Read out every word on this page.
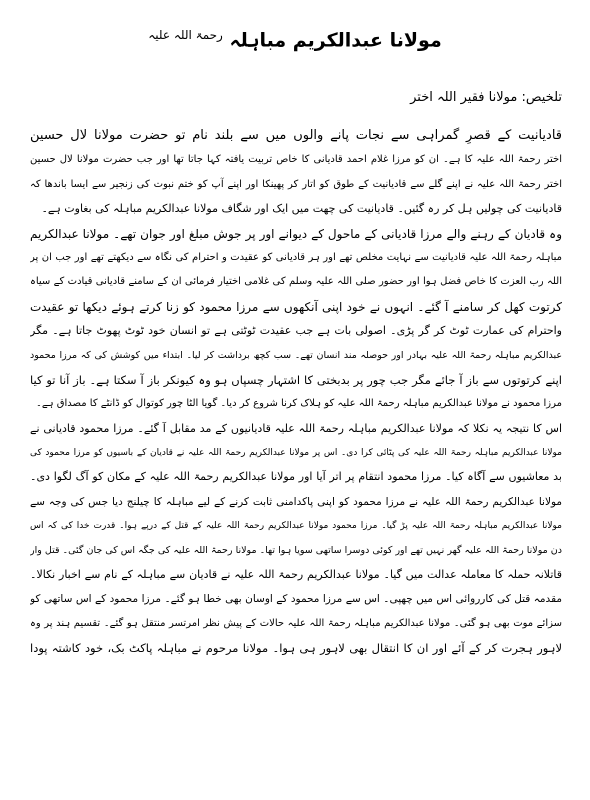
مولانا عبدالکریم مباہلہ $^{رحمۃ اللہ علیہ}$
تلخیص: مولانا فقیر اللہ اختر
قادیانیت کے قصرِ گمراہی سے نجات پانے والوں میں سے بلند نام تو حضرت مولانا لال حسین
اختر رحمۃ اللہ علیہ کا ہے۔ ان کو مرزا غلام احمد قادیانی کا خاص تربیت یافتہ کہا جاتا تھا اور جب حضرت مولانا لال حسین
اختر رحمۃ اللہ علیہ نے اپنے گلے سے قادیانیت کے طوق کو اتار کر پھینکا اور اپنے آپ کو ختم نبوت کی زنجیر سے ایسا باندھا کہ
قادیانیت کی چولیں ہل کر رہ گئیں۔ قادیانیت کی چھت میں ایک اور شگاف مولانا عبدالکریم مباہلہ کی بغاوت ہے۔
وہ قادیان کے رہنے والے مرزا قادیانی کے ماحول کے دیوانے اور پر جوش مبلغ اور جوان تھے۔ مولانا عبدالکریم
مباہلہ رحمۃ اللہ علیہ قادیانیت سے نہایت مخلص تھے اور ہر قادیانی کو عقیدت و احترام کی نگاہ سے دیکھتے تھے اور جب ان پر
اللہ رب العزت کا خاص فضل ہوا اور حضور صلی اللہ علیہ وسلم کی غلامی اختیار فرمائی ان کے سامنے قادیانی قیادت کے سیاہ
کرتوت کھل کر سامنے آ گئے۔ انہوں نے خود اپنی آنکھوں سے مرزا محمود کو زنا کرتے ہوئے دیکھا تو عقیدت
واحترام کی عمارت ٹوٹ کر گر پڑی۔ اصولی بات ہے جب عقیدت ٹوٹتی ہے تو انسان خود ٹوٹ پھوٹ جاتا ہے۔ مگر
عبدالکریم مباہلہ رحمۃ اللہ علیہ بہادر اور حوصلہ مند انسان تھے۔ سب کچھ برداشت کر لیا۔ ابتداء میں کوشش کی کہ مرزا محمود
اپنے کرتوتوں سے باز آ جائے مگر جب چور پر بدبختی کا اشتہار چسپاں ہو وہ کیونکر باز آ سکتا ہے۔ باز آنا تو کیا
مرزا محمود نے مولانا عبدالکریم مباہلہ رحمۃ اللہ علیہ کو ہلاک کرنا شروع کر دیا۔ گویا الٹا چور کوتوال کو ڈانٹے کا مصداق ہے۔
اس کا نتیجہ یہ نکلا کہ مولانا عبدالکریم مباہلہ رحمۃ اللہ علیہ قادیانیوں کے مد مقابل آ گئے۔ مرزا محمود قادیانی نے
مولانا عبدالکریم مباہلہ رحمۃ اللہ علیہ کی پٹائی کرا دی۔ اس پر مولانا عبدالکریم رحمۃ اللہ علیہ نے قادیان کے باسیوں کو مرزا محمود کی
بد معاشیوں سے آگاہ کیا۔ مرزا محمود انتقام پر اتر آیا اور مولانا عبدالکریم رحمۃ اللہ علیہ کے مکان کو آگ لگوا دی۔
مولانا عبدالکریم رحمۃ اللہ علیہ نے مرزا محمود کو اپنی پاکدامنی ثابت کرنے کے لیے مباہلہ کا چیلنج دیا جس کی وجہ سے
مولانا عبدالکریم مباہلہ رحمۃ اللہ علیہ پڑ گیا۔ مرزا محمود مولانا عبدالکریم رحمۃ اللہ علیہ کے قتل کے درپے ہوا۔ قدرت خدا کی کہ اس
دن مولانا رحمۃ اللہ علیہ گھر نہیں تھے اور کوئی دوسرا ساتھی سویا ہوا تھا۔ مولانا رحمۃ اللہ علیہ کی جگہ اس کی جان گئی۔ قتل وار
قاتلانہ حملہ کا معاملہ عدالت میں گیا۔ مولانا عبدالکریم رحمۃ اللہ علیہ نے قادیان سے مباہلہ کے نام سے اخبار نکالا۔
مقدمہ قتل کی کارروائی اس میں چھپی۔ اس سے مرزا محمود کے اوسان بھی خطا ہو گئے۔ مرزا محمود کے اس ساتھی کو
سزائے موت بھی ہو گئی۔ مولانا عبدالکریم مباہلہ رحمۃ اللہ علیہ حالات کے پیش نظر امرتسر منتقل ہو گئے۔ تقسیم ہند پر وہ
لاہور ہجرت کر کے آئے اور ان کا انتقال بھی لاہور ہی ہوا۔ مولانا مرحوم نے مباہلہ پاکٹ بک، خود کاشتہ پودا
